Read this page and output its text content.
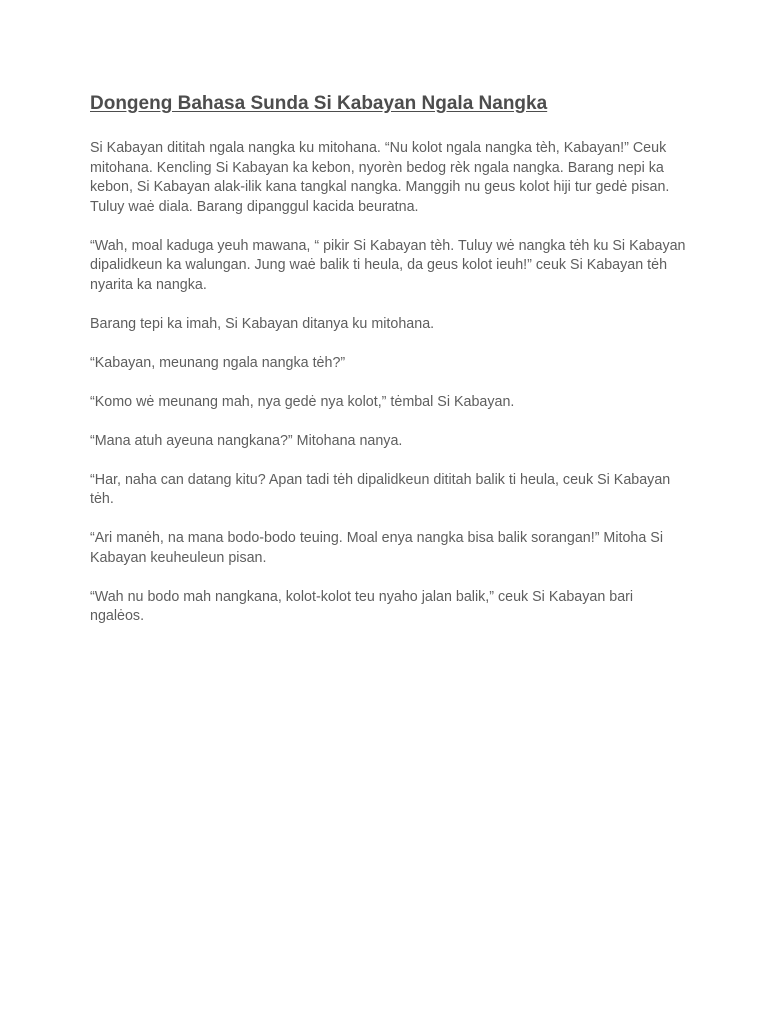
Dongeng Bahasa Sunda Si Kabayan Ngala Nangka

Si Kabayan dititah ngala nangka ku mitohana. “Nu kolot ngala nangka tèh, Kabayan!” Ceuk mitohana. Kencling Si Kabayan ka kebon, nyorèn bedog rèk ngala nangka. Barang nepi ka kebon, Si Kabayan alak-ilik kana tangkal nangka. Manggih nu geus kolot hiji tur gedė pisan. Tuluy waė diala. Barang dipanggul kacida beuratna.

“Wah, moal kaduga yeuh mawana, “ pikir Si Kabayan tèh. Tuluy wė nangka tėh ku Si Kabayan dipalidkeun ka walungan. Jung waė balik ti heula, da geus kolot ieuh!” ceuk Si Kabayan tėh nyarita ka nangka.

Barang tepi ka imah, Si Kabayan ditanya ku mitohana.

“Kabayan, meunang ngala nangka tėh?”

“Komo wė meunang mah, nya gedė nya kolot,” tėmbal Si Kabayan.

“Mana atuh ayeuna nangkana?” Mitohana nanya.

“Har, naha can datang kitu? Apan tadi tėh dipalidkeun dititah balik ti heula, ceuk Si Kabayan tėh.

“Ari manėh, na mana bodo-bodo teuing. Moal enya nangka bisa balik sorangan!” Mitoha Si Kabayan keuheuleun pisan.

“Wah nu bodo mah nangkana, kolot-kolot teu nyaho jalan balik,” ceuk Si Kabayan bari ngalėos.
